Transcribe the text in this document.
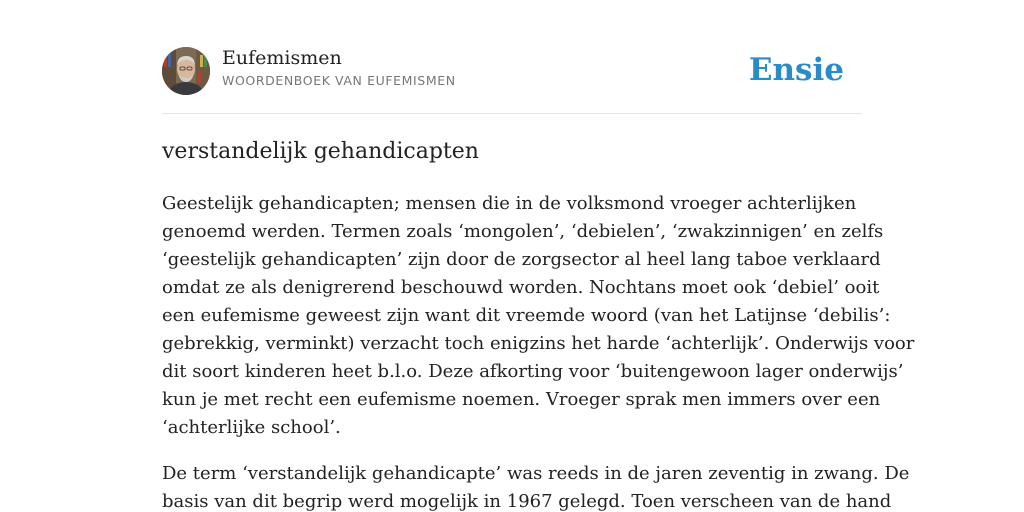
Eufemismen
WOORDENBOEK VAN EUFEMISMEN	Ensie
verstandelijk gehandicapten
Geestelijk gehandicapten; mensen die in de volksmond vroeger achterlijken
genoemd werden. Termen zoals ‘mongolen’, ‘debielen’, ‘zwakzinnigen’ en zelfs
‘geestelijk gehandicapten’ zijn door de zorgsector al heel lang taboe verklaard
omdat ze als denigrerend beschouwd worden. Nochtans moet ook ‘debiel’ ooit
een eufemisme geweest zijn want dit vreemde woord (van het Latijnse ‘debilis’:
gebrekkig, verminkt) verzacht toch enigzins het harde ‘achterlijk’. Onderwijs voor
dit soort kinderen heet b.l.o. Deze afkorting voor ‘buitengewoon lager onderwijs’
kun je met recht een eufemisme noemen. Vroeger sprak men immers over een
‘achterlijke school’.
De term ‘verstandelijk gehandicapte’ was reeds in de jaren zeventig in zwang. De
basis van dit begrip werd mogelijk in 1967 gelegd. Toen verscheen van de hand
